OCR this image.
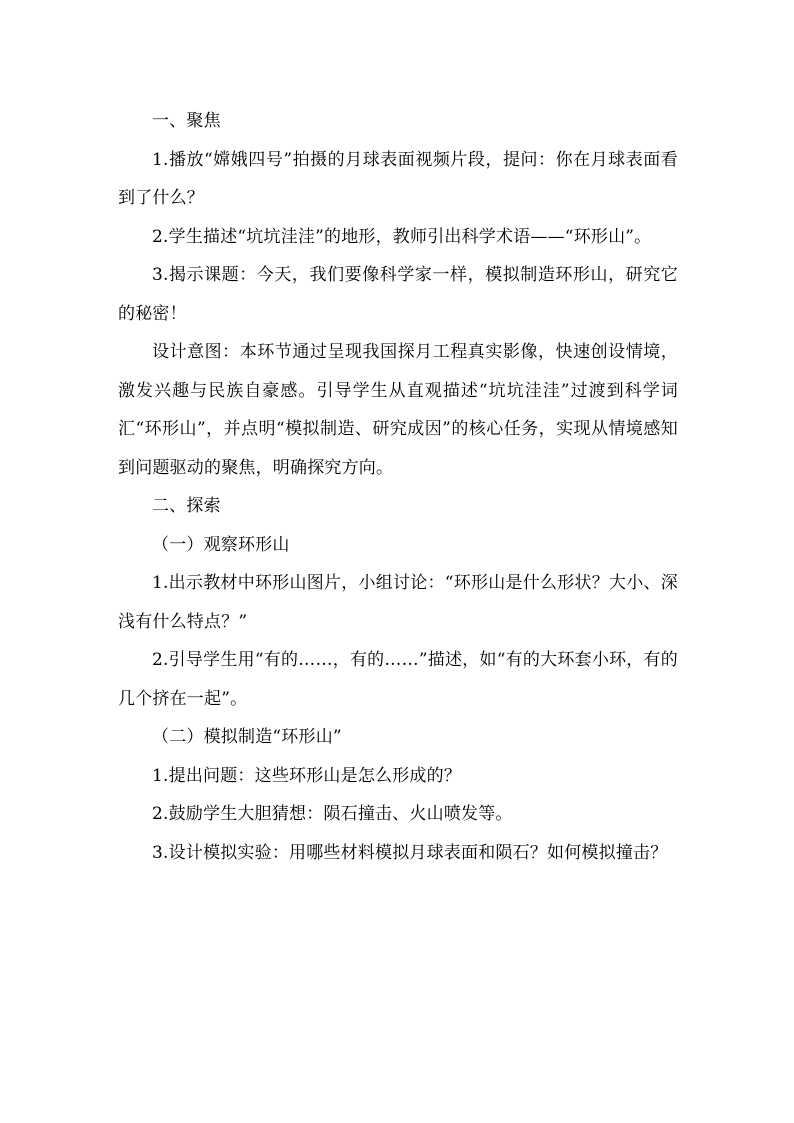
一、聚焦

1.播放“嫦娥四号”拍摄的月球表面视频片段，提问：你在月球表面看到了什么？

2.学生描述“坑坑洼洼”的地形，教师引出科学术语——“环形山”。

3.揭示课题：今天，我们要像科学家一样，模拟制造环形山，研究它的秘密！

设计意图：本环节通过呈现我国探月工程真实影像，快速创设情境，激发兴趣与民族自豪感。引导学生从直观描述“坑坑洼洼”过渡到科学词汇“环形山”，并点明“模拟制造、研究成因”的核心任务，实现从情境感知到问题驱动的聚焦，明确探究方向。

二、探索

（一）观察环形山

1.出示教材中环形山图片，小组讨论：“环形山是什么形状？大小、深浅有什么特点？”

2.引导学生用“有的……，有的……”描述，如“有的大环套小环，有的几个挤在一起”。

（二）模拟制造“环形山”

1.提出问题：这些环形山是怎么形成的？

2.鼓励学生大胆猜想：陨石撞击、火山喷发等。

3.设计模拟实验：用哪些材料模拟月球表面和陨石？如何模拟撞击？
